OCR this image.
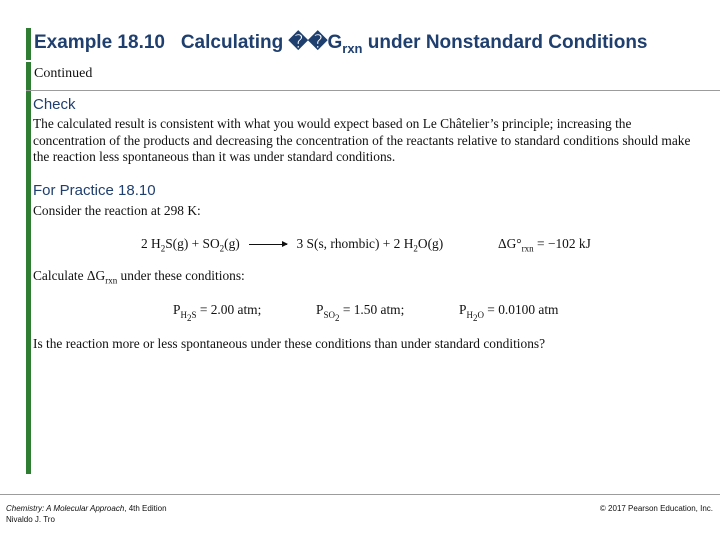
Example 18.10 Calculating $��G_{rxn}$ under Nonstandard Conditions
Continued
Check
The calculated result is consistent with what you would expect based on Le Châtelier’s principle; increasing the concentration of the products and decreasing the concentration of the reactants relative to standard conditions should make the reaction less spontaneous than it was under standard conditions.
For Practice 18.10
Consider the reaction at 298 K:
2 $H_2S(g) + SO_2(g) \to 3$ S(s, rhombic) + 2 $H_2O(g)$	$\Delta G^\circ_{rxn} = -102$ kJ
Calculate $\Delta G_{rxn}$ under these conditions:
$P_{H_2S} = 2.00$ atm;	$P_{SO_2} = 1.50$ atm;	$P_{H_2O} = 0.0100$ atm
Is the reaction more or less spontaneous under these conditions than under standard conditions?
Chemistry: A Molecular Approach, 4th Edition
Nivaldo J. Tro
© 2017 Pearson Education, Inc.
